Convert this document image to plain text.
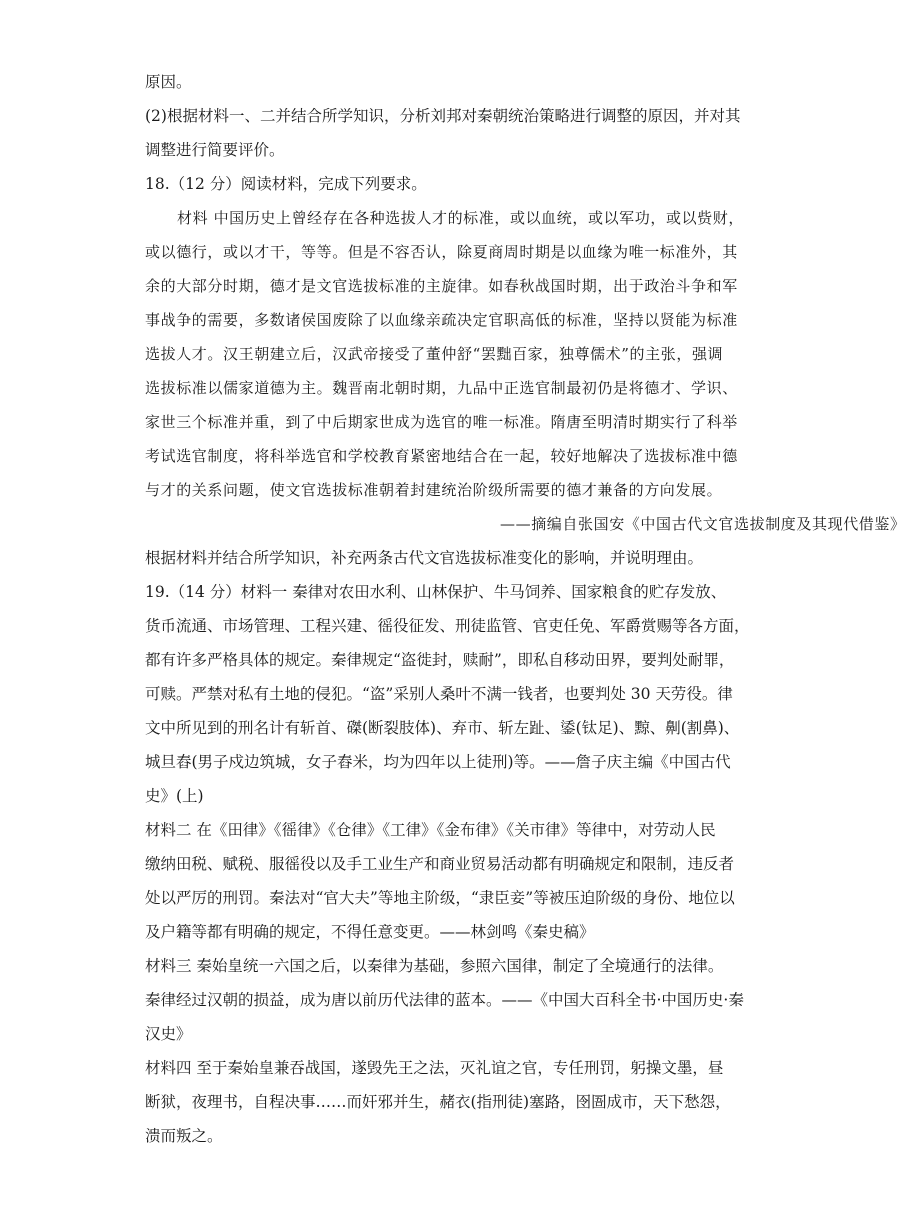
原因。
(2)根据材料一、二并结合所学知识，分析刘邦对秦朝统治策略进行调整的原因，并对其
调整进行简要评价。
18.（12 分）阅读材料，完成下列要求。
材料 中国历史上曾经存在各种选拔人才的标准，或以血统，或以军功，或以赀财，
或以德行，或以才干，等等。但是不容否认，除夏商周时期是以血缘为唯一标准外，其
余的大部分时期，德才是文官选拔标准的主旋律。如春秋战国时期，出于政治斗争和军
事战争的需要，多数诸侯国废除了以血缘亲疏决定官职高低的标准，坚持以贤能为标准
选拔人才。汉王朝建立后，汉武帝接受了董仲舒“罢黜百家，独尊儒术”的主张，强调
选拔标准以儒家道德为主。魏晋南北朝时期，九品中正选官制最初仍是将德才、学识、
家世三个标准并重，到了中后期家世成为选官的唯一标准。隋唐至明清时期实行了科举
考试选官制度，将科举选官和学校教育紧密地结合在一起，较好地解决了选拔标准中德
与才的关系问题，使文官选拔标准朝着封建统治阶级所需要的德才兼备的方向发展。
——摘编自张国安《中国古代文官选拔制度及其现代借鉴》
根据材料并结合所学知识，补充两条古代文官选拔标准变化的影响，并说明理由。
19.（14 分）材料一 秦律对农田水利、山林保护、牛马饲养、国家粮食的贮存发放、
货币流通、市场管理、工程兴建、徭役征发、刑徒监管、官吏任免、军爵赏赐等各方面，
都有许多严格具体的规定。秦律规定“盗徙封，赎耐”，即私自移动田界，要判处耐罪，
可赎。严禁对私有土地的侵犯。“盗”采别人桑叶不满一钱者，也要判处 30 天劳役。律
文中所见到的刑名计有斩首、磔(断裂肢体)、弃市、斩左趾、鋈(钛足)、黥、劓(割鼻)、
城旦舂(男子戍边筑城，女子舂米，均为四年以上徒刑)等。——詹子庆主编《中国古代
史》(上)
材料二 在《田律》《徭律》《仓律》《工律》《金布律》《关市律》等律中，对劳动人民
缴纳田税、赋税、服徭役以及手工业生产和商业贸易活动都有明确规定和限制，违反者
处以严厉的刑罚。秦法对“官大夫”等地主阶级，“隶臣妾”等被压迫阶级的身份、地位以
及户籍等都有明确的规定，不得任意变更。——林剑鸣《秦史稿》
材料三 秦始皇统一六国之后，以秦律为基础，参照六国律，制定了全境通行的法律。
秦律经过汉朝的损益，成为唐以前历代法律的蓝本。——《中国大百科全书·中国历史·秦
汉史》
材料四 至于秦始皇兼吞战国，遂毁先王之法，灭礼谊之官，专任刑罚，躬操文墨，昼
断狱，夜理书，自程决事……而奸邪并生，赭衣(指刑徒)塞路，囹圄成市，天下愁怨，
溃而叛之。
